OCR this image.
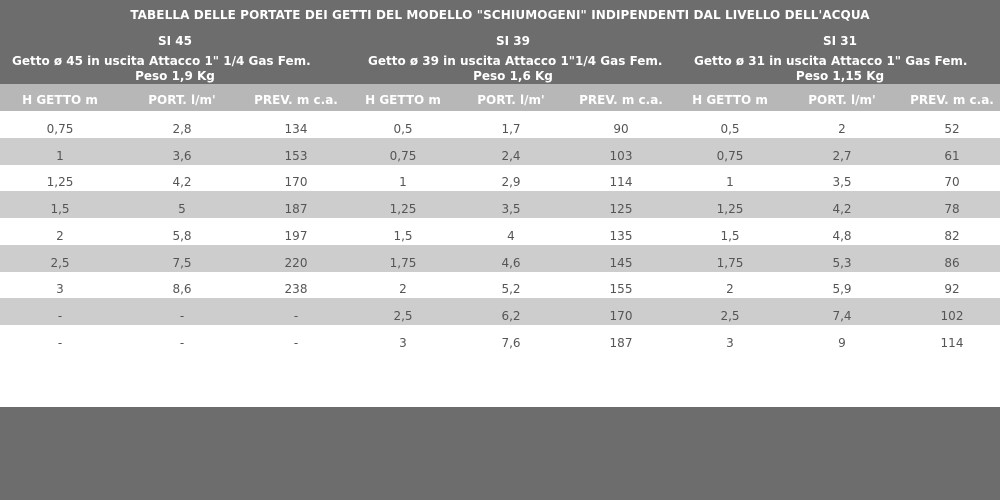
TABELLA DELLE PORTATE DEI GETTI DEL MODELLO "SCHIUMOGENI" INDIPENDENTI DAL LIVELLO DELL'ACQUA
SI 45
Getto ø 45 in uscita Attacco 1" 1/4 Gas Fem.
Peso 1,9 Kg
SI 39
Getto ø 39 in uscita Attacco 1"1/4 Gas Fem.
Peso 1,6 Kg
SI 31
Getto ø 31 in uscita Attacco 1" Gas Fem.
Peso 1,15 Kg
H GETTO m	PORT. l/m'	PREV. m c.a.	H GETTO m	PORT. l/m'	PREV. m c.a.	H GETTO m	PORT. l/m'	PREV. m c.a.
0,75	2,8	134	0,5	1,7	90	0,5	2	52
1	3,6	153	0,75	2,4	103	0,75	2,7	61
1,25	4,2	170	1	2,9	114	1	3,5	70
1,5	5	187	1,25	3,5	125	1,25	4,2	78
2	5,8	197	1,5	4	135	1,5	4,8	82
2,5	7,5	220	1,75	4,6	145	1,75	5,3	86
3	8,6	238	2	5,2	155	2	5,9	92
-	-	-	2,5	6,2	170	2,5	7,4	102
-	-	-	3	7,6	187	3	9	114
